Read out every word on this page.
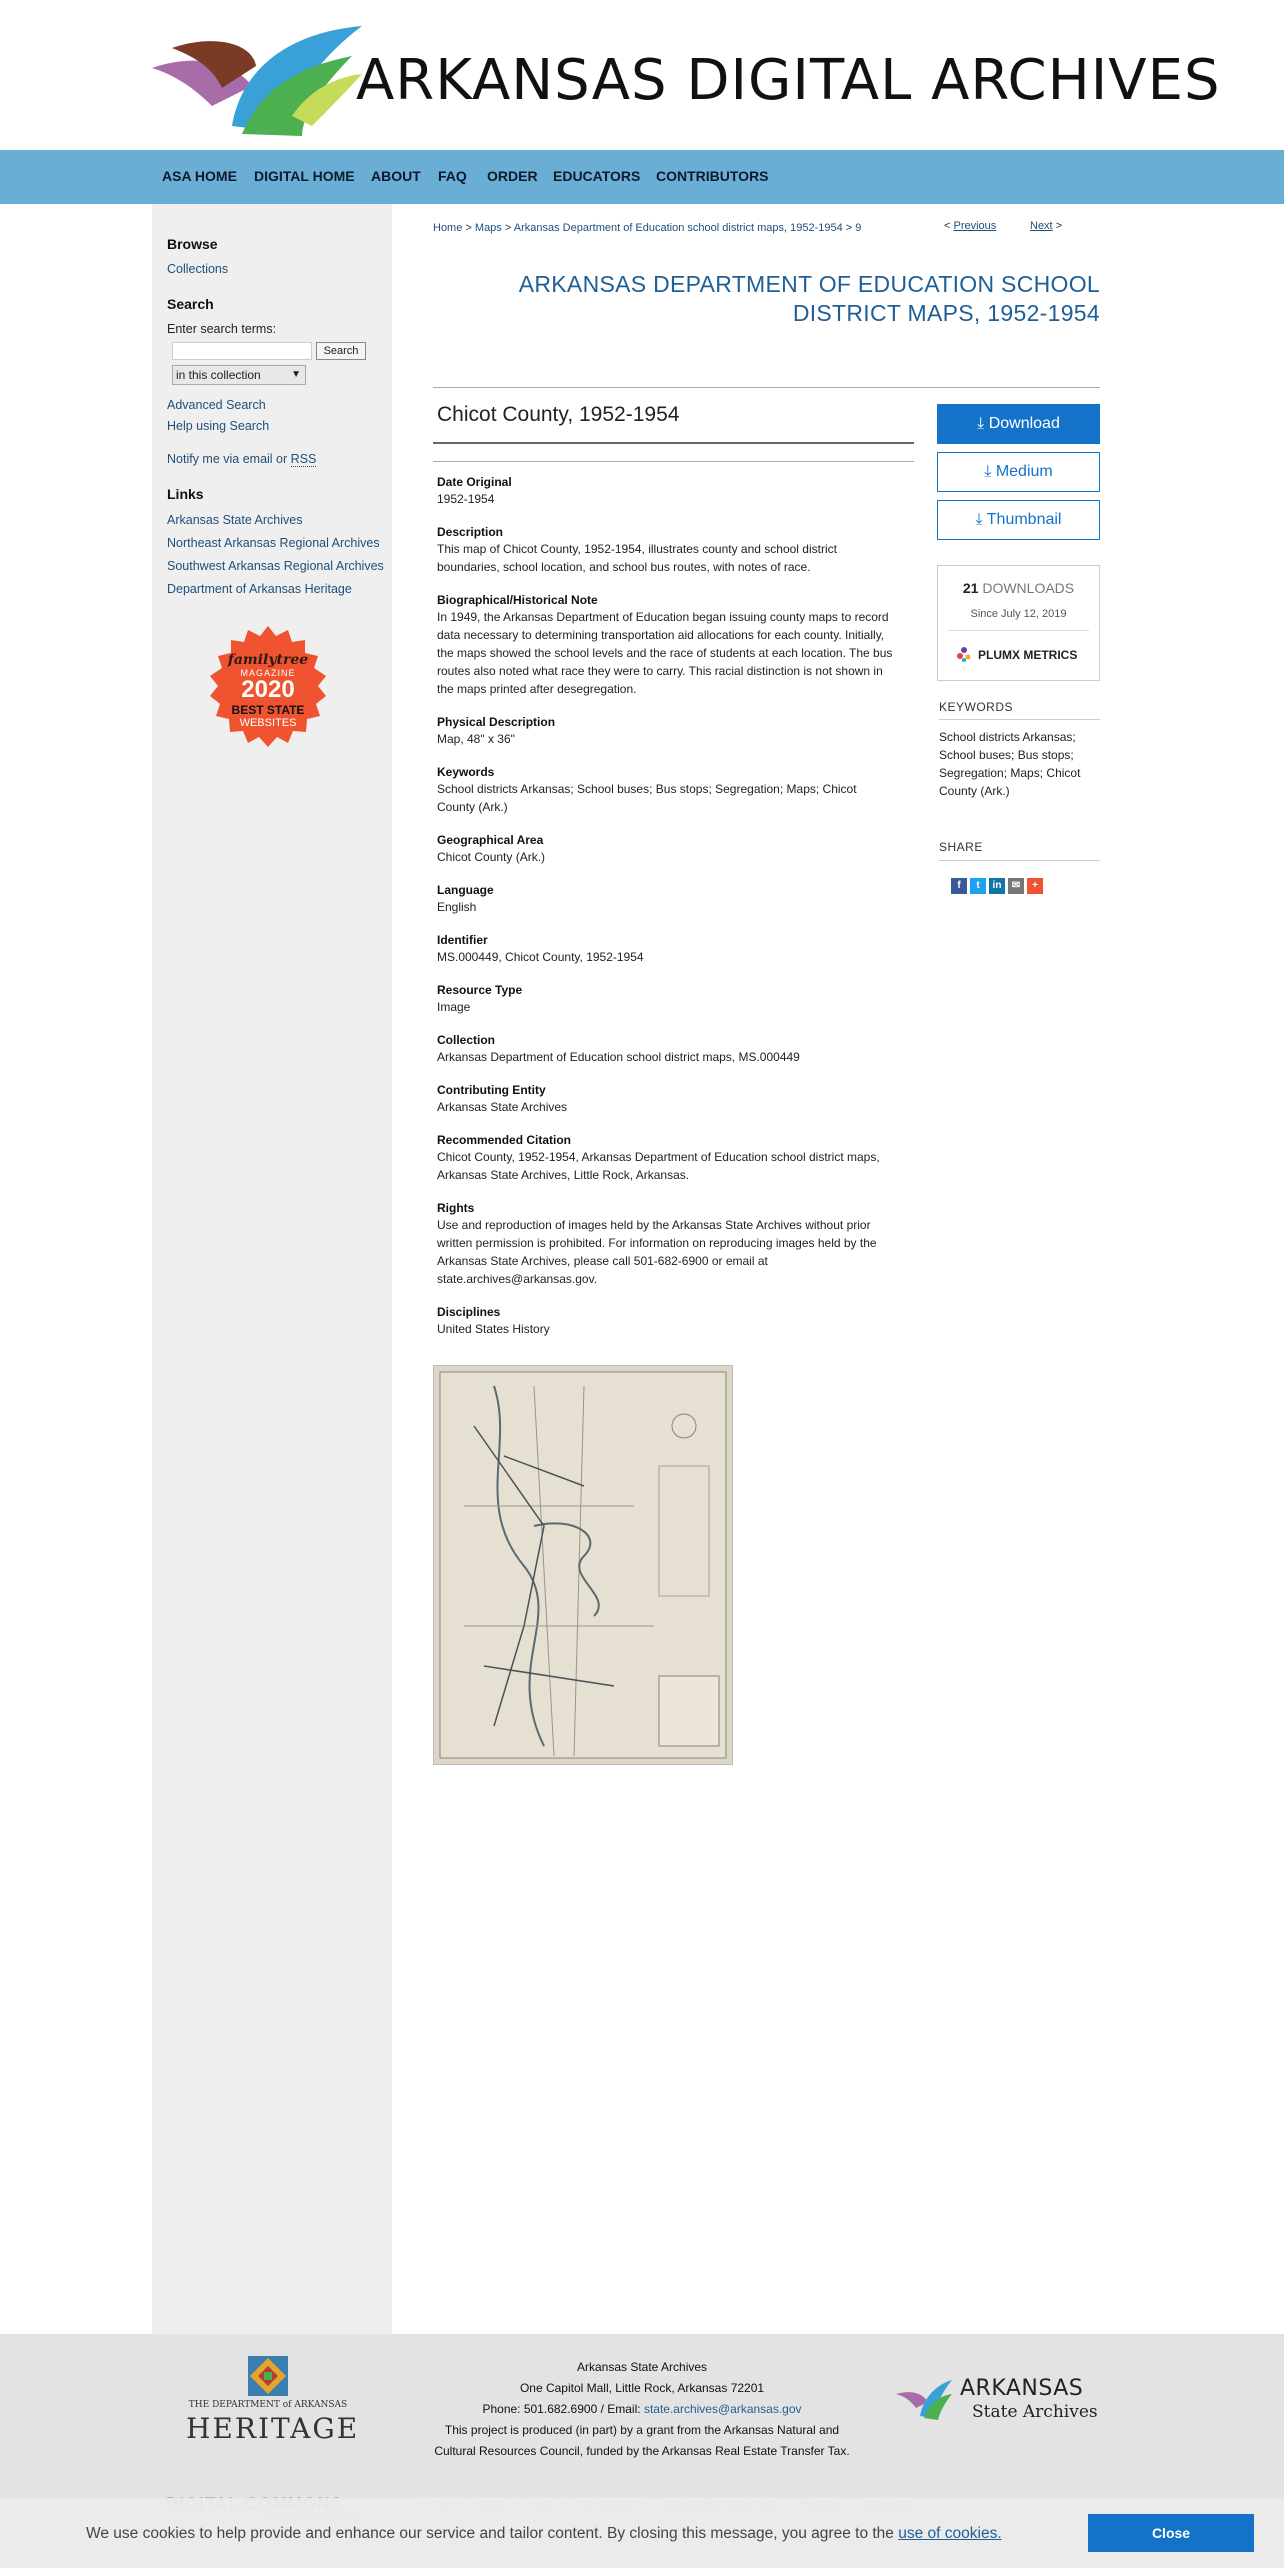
ARKANSAS DIGITAL ARCHIVES
ASA HOME DIGITAL HOME ABOUT FAQ ORDER EDUCATORS CONTRIBUTORS
Browse
Collections
Search
Enter search terms:
Search
in this collection	▼
Advanced Search
Help using Search
Notify me via email or RSS
Links
Arkansas State Archives
Northeast Arkansas Regional Archives
Southwest Arkansas Regional Archives
Department of Arkansas Heritage
familytree
MAGAZINE
2020
BEST STATE
WEBSITES
Home > Maps > Arkansas Department of Education school district maps, 1952-1954 > 9	< Previous	Next >
ARKANSAS DEPARTMENT OF EDUCATION SCHOOL DISTRICT MAPS, 1952-1954
Chicot County, 1952-1954
Date Original
1952-1954
Description
This map of Chicot County, 1952-1954, illustrates county and school district boundaries, school location, and school bus routes, with notes of race.
Biographical/Historical Note
In 1949, the Arkansas Department of Education began issuing county maps to record data necessary to determining transportation aid allocations for each county. Initially, the maps showed the school levels and the race of students at each location. The bus routes also noted what race they were to carry. This racial distinction is not shown in the maps printed after desegregation.
Physical Description
Map, 48" x 36"
Keywords
School districts Arkansas; School buses; Bus stops; Segregation; Maps; Chicot County (Ark.)
Geographical Area
Chicot County (Ark.)
Language
English
Identifier
MS.000449, Chicot County, 1952-1954
Resource Type
Image
Collection
Arkansas Department of Education school district maps, MS.000449
Contributing Entity
Arkansas State Archives
Recommended Citation
Chicot County, 1952-1954, Arkansas Department of Education school district maps, Arkansas State Archives, Little Rock, Arkansas.
Rights
Use and reproduction of images held by the Arkansas State Archives without prior written permission is prohibited. For information on reproducing images held by the Arkansas State Archives, please call 501-682-6900 or email at state.archives@arkansas.gov.
Disciplines
United States History
⤓ Download
⤓ Medium
⤓ Thumbnail
21 DOWNLOADS
Since July 12, 2019
PLUMX METRICS
KEYWORDS
School districts Arkansas; School buses; Bus stops; Segregation; Maps; Chicot County (Ark.)
SHARE
f	t	in	✉	+
THE DEPARTMENT of ARKANSAS
HERITAGE
Arkansas State Archives
One Capitol Mall, Little Rock, Arkansas 72201
Phone: 501.682.6900 / Email: state.archives@arkansas.gov
This project is produced (in part) by a grant from the Arkansas Natural and
Cultural Resources Council, funded by the Arkansas Real Estate Transfer Tax.
ARKANSAS
State Archives
We use cookies to help provide and enhance our service and tailor content. By closing this message, you agree to the use of cookies.	Close
